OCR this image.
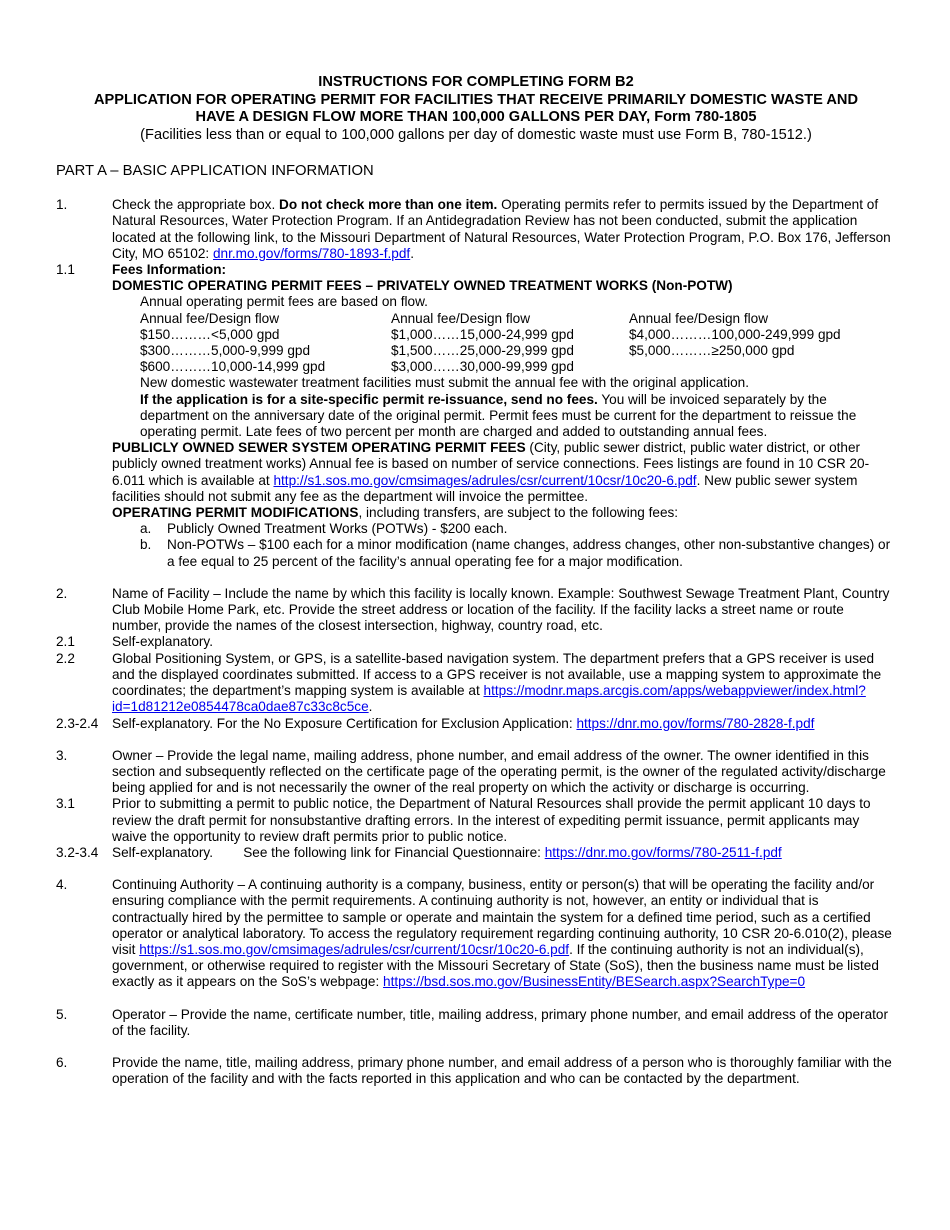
INSTRUCTIONS FOR COMPLETING FORM B2
APPLICATION FOR OPERATING PERMIT FOR FACILITIES THAT RECEIVE PRIMARILY DOMESTIC WASTE AND
HAVE A DESIGN FLOW MORE THAN 100,000 GALLONS PER DAY, Form 780-1805
(Facilities less than or equal to 100,000 gallons per day of domestic waste must use Form B, 780-1512.)
PART A – BASIC APPLICATION INFORMATION
1.	Check the appropriate box. Do not check more than one item. Operating permits refer to permits issued by the Department of Natural Resources, Water Protection Program. If an Antidegradation Review has not been conducted, submit the application located at the following link, to the Missouri Department of Natural Resources, Water Protection Program, P.O. Box 176, Jefferson City, MO 65102: dnr.mo.gov/forms/780-1893-f.pdf.
1.1	Fees Information:
DOMESTIC OPERATING PERMIT FEES – PRIVATELY OWNED TREATMENT WORKS (Non-POTW)
Annual operating permit fees are based on flow.
Annual fee/Design flow	Annual fee/Design flow	Annual fee/Design flow
$150………<5,000 gpd	$1,000……15,000-24,999 gpd	$4,000………100,000-249,999 gpd
$300………5,000-9,999 gpd	$1,500……25,000-29,999 gpd	$5,000………≥250,000 gpd
$600………10,000-14,999 gpd	$3,000……30,000-99,999 gpd
New domestic wastewater treatment facilities must submit the annual fee with the original application.
If the application is for a site-specific permit re-issuance, send no fees. You will be invoiced separately by the department on the anniversary date of the original permit. Permit fees must be current for the department to reissue the operating permit. Late fees of two percent per month are charged and added to outstanding annual fees.
PUBLICLY OWNED SEWER SYSTEM OPERATING PERMIT FEES (City, public sewer district, public water district, or other publicly owned treatment works) Annual fee is based on number of service connections. Fees listings are found in 10 CSR 20-6.011 which is available at http://s1.sos.mo.gov/cmsimages/adrules/csr/current/10csr/10c20-6.pdf. New public sewer system facilities should not submit any fee as the department will invoice the permittee.
OPERATING PERMIT MODIFICATIONS, including transfers, are subject to the following fees:
a.	Publicly Owned Treatment Works (POTWs) - $200 each.
b.	Non-POTWs – $100 each for a minor modification (name changes, address changes, other non-substantive changes) or a fee equal to 25 percent of the facility’s annual operating fee for a major modification.
2.	Name of Facility – Include the name by which this facility is locally known. Example: Southwest Sewage Treatment Plant, Country Club Mobile Home Park, etc. Provide the street address or location of the facility. If the facility lacks a street name or route number, provide the names of the closest intersection, highway, country road, etc.
2.1	Self-explanatory.
2.2	Global Positioning System, or GPS, is a satellite-based navigation system. The department prefers that a GPS receiver is used and the displayed coordinates submitted. If access to a GPS receiver is not available, use a mapping system to approximate the coordinates; the department’s mapping system is available at https://modnr.maps.arcgis.com/apps/webappviewer/index.html?id=1d81212e0854478ca0dae87c33c8c5ce.
2.3-2.4	Self-explanatory. For the No Exposure Certification for Exclusion Application: https://dnr.mo.gov/forms/780-2828-f.pdf
3.	Owner – Provide the legal name, mailing address, phone number, and email address of the owner. The owner identified in this section and subsequently reflected on the certificate page of the operating permit, is the owner of the regulated activity/discharge being applied for and is not necessarily the owner of the real property on which the activity or discharge is occurring.
3.1	Prior to submitting a permit to public notice, the Department of Natural Resources shall provide the permit applicant 10 days to review the draft permit for nonsubstantive drafting errors. In the interest of expediting permit issuance, permit applicants may waive the opportunity to review draft permits prior to public notice.
3.2-3.4	Self-explanatory.        See the following link for Financial Questionnaire: https://dnr.mo.gov/forms/780-2511-f.pdf
4.	Continuing Authority – A continuing authority is a company, business, entity or person(s) that will be operating the facility and/or ensuring compliance with the permit requirements. A continuing authority is not, however, an entity or individual that is contractually hired by the permittee to sample or operate and maintain the system for a defined time period, such as a certified operator or analytical laboratory. To access the regulatory requirement regarding continuing authority, 10 CSR 20-6.010(2), please visit https://s1.sos.mo.gov/cmsimages/adrules/csr/current/10csr/10c20-6.pdf. If the continuing authority is not an individual(s), government, or otherwise required to register with the Missouri Secretary of State (SoS), then the business name must be listed exactly as it appears on the SoS’s webpage: https://bsd.sos.mo.gov/BusinessEntity/BESearch.aspx?SearchType=0
5.	Operator – Provide the name, certificate number, title, mailing address, primary phone number, and email address of the operator of the facility.
6.	Provide the name, title, mailing address, primary phone number, and email address of a person who is thoroughly familiar with the operation of the facility and with the facts reported in this application and who can be contacted by the department.
